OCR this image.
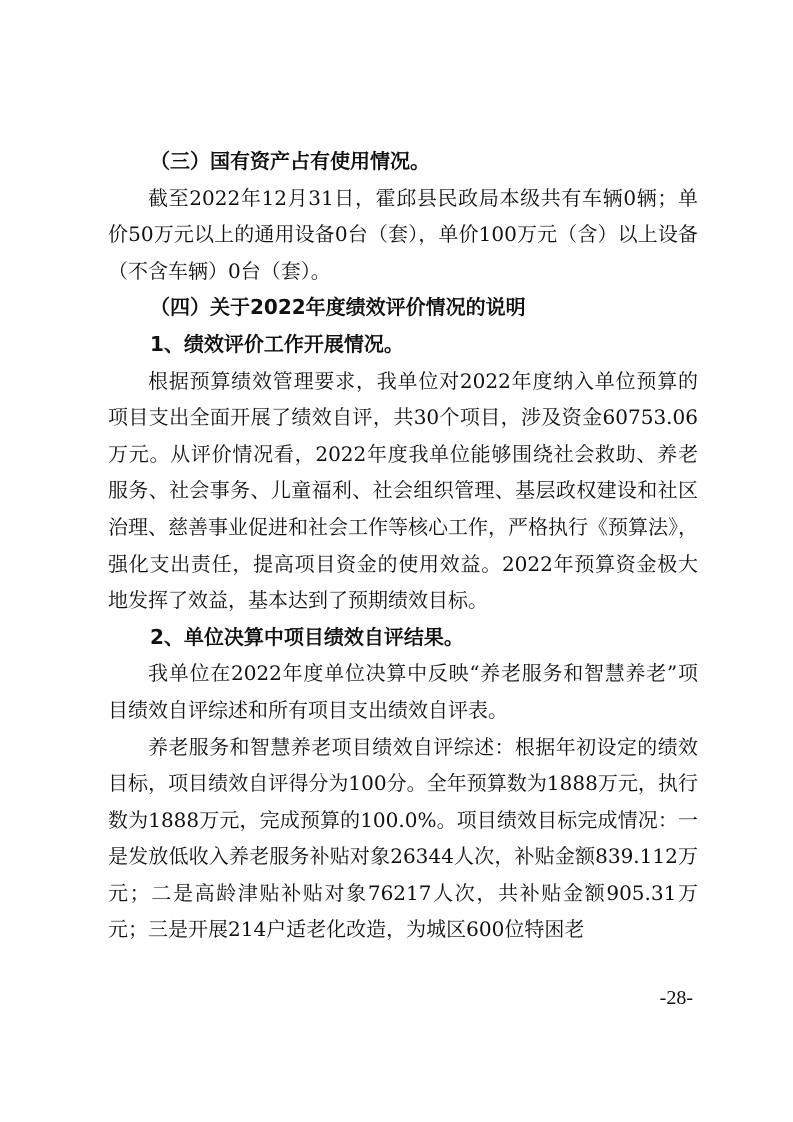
（三）国有资产占有使用情况。

截至2022年12月31日，霍邱县民政局本级共有车辆0辆；单价50万元以上的通用设备0台（套），单价100万元（含）以上设备（不含车辆）0台（套）。

（四）关于2022年度绩效评价情况的说明
1、绩效评价工作开展情况。

根据预算绩效管理要求，我单位对2022年度纳入单位预算的项目支出全面开展了绩效自评，共30个项目，涉及资金60753.06万元。从评价情况看，2022年度我单位能够围绕社会救助、养老服务、社会事务、儿童福利、社会组织管理、基层政权建设和社区治理、慈善事业促进和社会工作等核心工作，严格执行《预算法》，强化支出责任，提高项目资金的使用效益。2022年预算资金极大地发挥了效益，基本达到了预期绩效目标。

2、单位决算中项目绩效自评结果。

我单位在2022年度单位决算中反映“养老服务和智慧养老”项目绩效自评综述和所有项目支出绩效自评表。

养老服务和智慧养老项目绩效自评综述：根据年初设定的绩效目标，项目绩效自评得分为100分。全年预算数为1888万元，执行数为1888万元，完成预算的100.0%。项目绩效目标完成情况：一是发放低收入养老服务补贴对象26344人次，补贴金额839.112万元；二是高龄津贴补贴对象76217人次，共补贴金额905.31万元；三是开展214户适老化改造，为城区600位特困老

-28-
